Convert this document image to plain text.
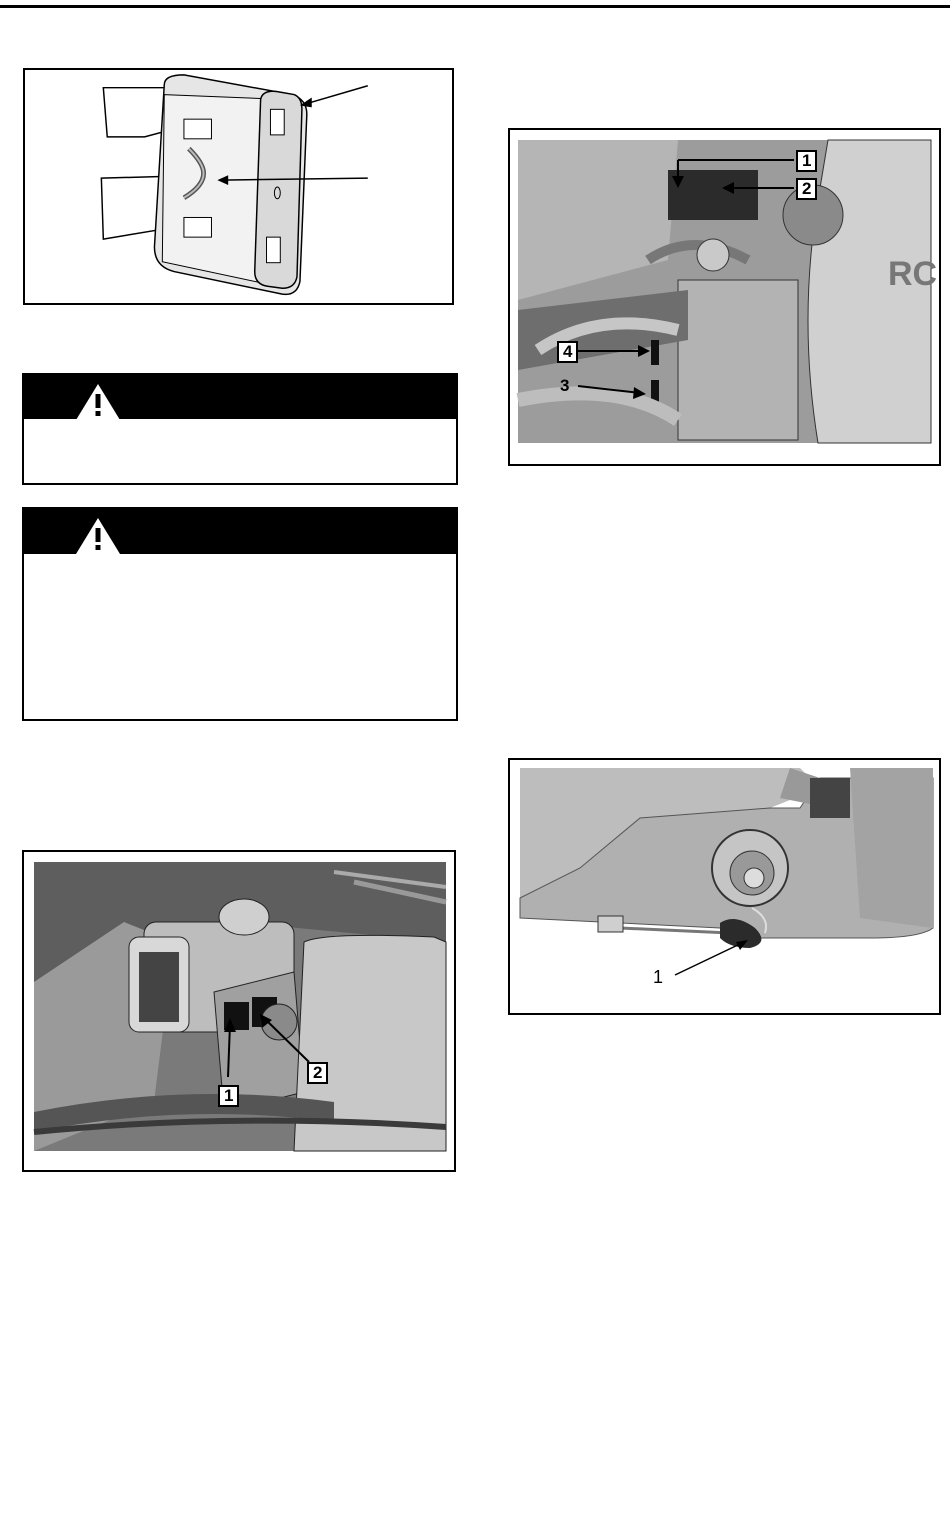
1
2
RC
1
2
4
3
1
